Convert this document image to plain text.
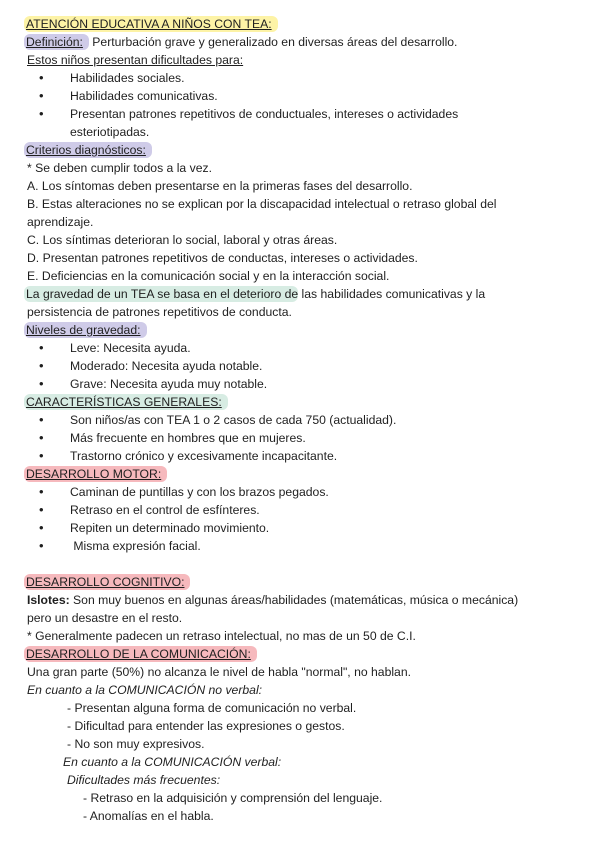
ATENCIÓN EDUCATIVA A NIÑOS CON TEA:
Definición: Perturbación grave y generalizado en diversas áreas del desarrollo.
Estos niños presentan dificultades para:
• Habilidades sociales.
• Habilidades comunicativas.
• Presentan patrones repetitivos de conductuales, intereses o actividades
esteriotipadas.
Criterios diagnósticos:
* Se deben cumplir todos a la vez.
A. Los síntomas deben presentarse en la primeras fases del desarrollo.
B. Estas alteraciones no se explican por la discapacidad intelectual o retraso global del
aprendizaje.
C. Los síntimas deterioran lo social, laboral y otras áreas.
D. Presentan patrones repetitivos de conductas, intereses o actividades.
E. Deficiencias en la comunicación social y en la interacción social.
La gravedad de un TEA se basa en el deterioro de las habilidades comunicativas y la
persistencia de patrones repetitivos de conducta.
Niveles de gravedad:
• Leve: Necesita ayuda.
• Moderado: Necesita ayuda notable.
• Grave: Necesita ayuda muy notable.
CARACTERÍSTICAS GENERALES:
• Son niños/as con TEA 1 o 2 casos de cada 750 (actualidad).
• Más frecuente en hombres que en mujeres.
• Trastorno crónico y excesivamente incapacitante.
DESARROLLO MOTOR:
• Caminan de puntillas y con los brazos pegados.
• Retraso en el control de esfínteres.
• Repiten un determinado movimiento.
• Misma expresión facial.
DESARROLLO COGNITIVO:
Islotes: Son muy buenos en algunas áreas/habilidades (matemáticas, música o mecánica)
pero un desastre en el resto.
* Generalmente padecen un retraso intelectual, no mas de un 50 de C.I.
DESARROLLO DE LA COMUNICACIÓN:
Una gran parte (50%) no alcanza le nivel de habla "normal", no hablan.
En cuanto a la COMUNICACIÓN no verbal:
- Presentan alguna forma de comunicación no verbal.
- Dificultad para entender las expresiones o gestos.
- No son muy expresivos.
En cuanto a la COMUNICACIÓN verbal:
Dificultades más frecuentes:
- Retraso en la adquisición y comprensión del lenguaje.
- Anomalías en el habla.
